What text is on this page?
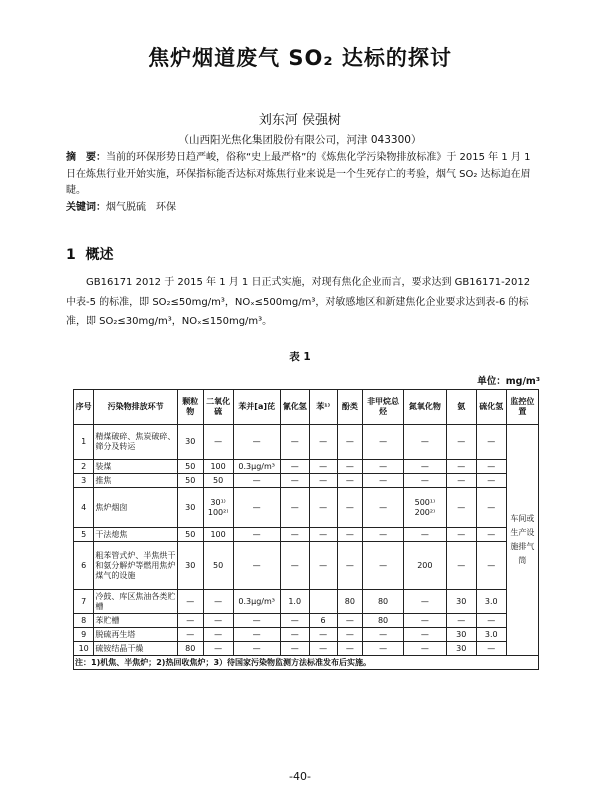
焦炉烟道废气 SO₂ 达标的探讨
刘东河 侯强树
（山西阳光焦化集团股份有限公司，河津 043300）
摘　要：当前的环保形势日趋严峻，俗称“史上最严格”的《炼焦化学污染物排放标准》于 2015 年 1 月 1 日在炼焦行业开始实施，环保指标能否达标对炼焦行业来说是一个生死存亡的考验，烟气 SO₂ 达标迫在眉睫。
关键词：烟气脱硫　环保
1 概述
GB16171 2012 于 2015 年 1 月 1 日正式实施，对现有焦化企业而言，要求达到 GB16171-2012 中表-5 的标准，即 SO₂≤50mg/m³，NOₓ≤500mg/m³，对敏感地区和新建焦化企业要求达到表-6 的标准，即 SO₂≤30mg/m³，NOₓ≤150mg/m³。
表 1
单位：mg/m³
序号	污染物排放环节	颗粒物	二氧化硫	苯并[a]芘	氰化氢	苯¹⁾	酚类	非甲烷总烃	氮氧化物	氨	硫化氢	监控位置
1	精煤破碎、焦炭破碎、筛分及转运	30	—	—	—	—	—	—	—	—	—	车间或生产设施排气筒
2	装煤	50	100	0.3μg/m³	—	—	—	—	—	—	—	
3	推焦	50	50	—	—	—	—	—	—	—	—	
4	焦炉烟囱	30	30¹⁾ 100²⁾	—	—	—	—	—	500¹⁾ 200²⁾	—	—	
5	干法熄焦	50	100	—	—	—	—	—	—	—	—	
6	粗苯管式炉、半焦烘干和氨分解炉等燃用焦炉煤气的设施	30	50	—	—	—	—	—	200	—	—	
7	冷鼓、库区焦油各类贮槽	—	—	0.3μg/m³	1.0		80	80	—	30	3.0	
8	苯贮槽	—	—	—	—	6	—	80	—	—	—	
9	脱硫再生塔	—	—	—	—	—	—	—	—	30	3.0	
10	硫铵结晶干燥	80	—	—	—	—	—	—	—	30	—	
注：1)机焦、半焦炉；2)热回收焦炉；3）待国家污染物监测方法标准发布后实施。												
-40-
